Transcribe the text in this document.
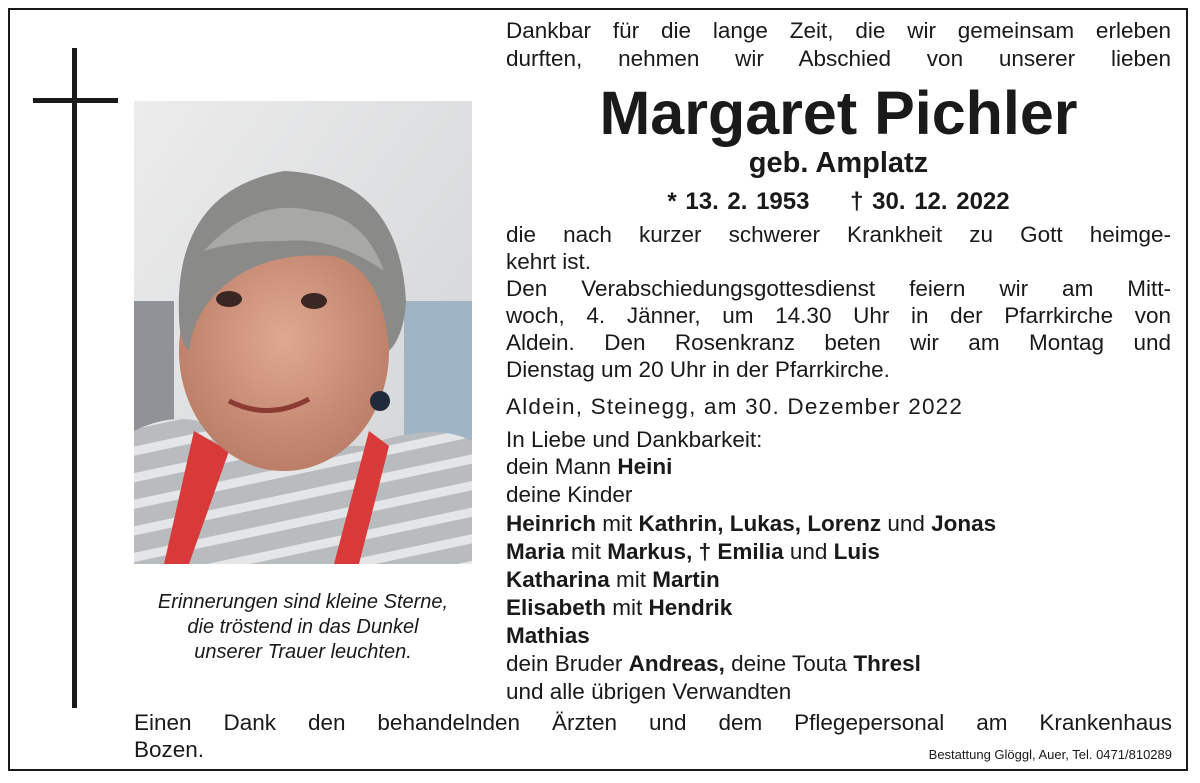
Erinnerungen sind kleine Sterne,
die tröstend in das Dunkel
unserer Trauer leuchten.
Dankbar für die lange Zeit, die wir gemeinsam erleben
durften, nehmen wir Abschied von unserer lieben
Margaret Pichler
geb. Amplatz
* 13. 2. 1953 † 30. 12. 2022
die nach kurzer schwerer Krankheit zu Gott heimge-
kehrt ist.
Den Verabschiedungsgottesdienst feiern wir am Mitt-
woch, 4. Jänner, um 14.30 Uhr in der Pfarrkirche von
Aldein. Den Rosenkranz beten wir am Montag und
Dienstag um 20 Uhr in der Pfarrkirche.
Aldein, Steinegg, am 30. Dezember 2022
In Liebe und Dankbarkeit:
dein Mann Heini
deine Kinder
Heinrich mit Kathrin, Lukas, Lorenz und Jonas
Maria mit Markus, † Emilia und Luis
Katharina mit Martin
Elisabeth mit Hendrik
Mathias
dein Bruder Andreas, deine Touta Thresl
und alle übrigen Verwandten
Einen Dank den behandelnden Ärzten und dem Pflegepersonal am Krankenhaus
Bozen.	Bestattung Glöggl, Auer, Tel. 0471/810289
